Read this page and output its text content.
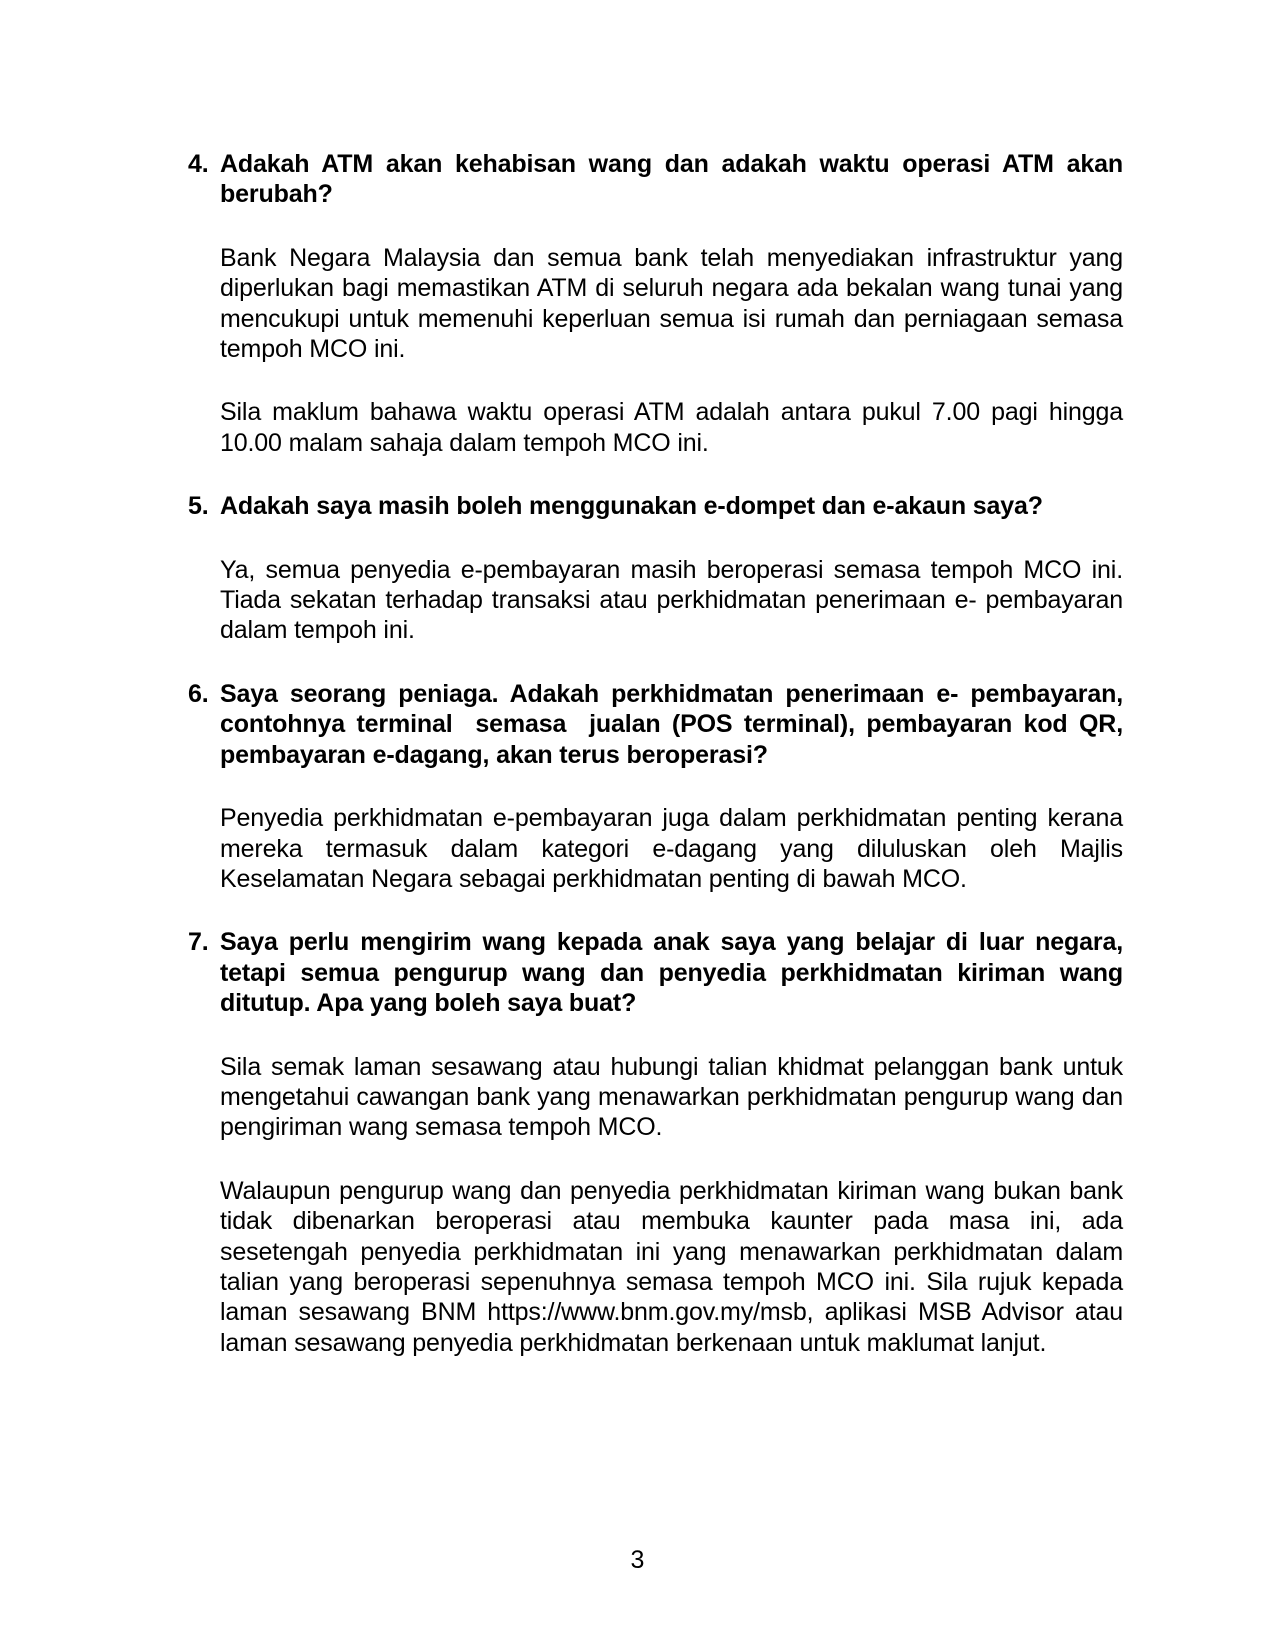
4. Adakah ATM akan kehabisan wang dan adakah waktu operasi ATM akan
berubah?
Bank Negara Malaysia dan semua bank telah menyediakan infrastruktur yang
diperlukan bagi memastikan ATM di seluruh negara ada bekalan wang tunai yang
mencukupi untuk memenuhi keperluan semua isi rumah dan perniagaan semasa
tempoh MCO ini.
Sila maklum bahawa waktu operasi ATM adalah antara pukul 7.00 pagi hingga
10.00 malam sahaja dalam tempoh MCO ini.
5. Adakah saya masih boleh menggunakan e-dompet dan e-akaun saya?
Ya, semua penyedia e-pembayaran masih beroperasi semasa tempoh MCO ini.
Tiada sekatan terhadap transaksi atau perkhidmatan penerimaan e- pembayaran
dalam tempoh ini.
6. Saya seorang peniaga. Adakah perkhidmatan penerimaan e- pembayaran,
contohnya terminal  semasa  jualan (POS terminal), pembayaran kod QR,
pembayaran e-dagang, akan terus beroperasi?
Penyedia perkhidmatan e-pembayaran juga dalam perkhidmatan penting kerana
mereka termasuk dalam kategori e-dagang yang diluluskan oleh Majlis
Keselamatan Negara sebagai perkhidmatan penting di bawah MCO.
7. Saya perlu mengirim wang kepada anak saya yang belajar di luar negara,
tetapi semua pengurup wang dan penyedia perkhidmatan kiriman wang
ditutup. Apa yang boleh saya buat?
Sila semak laman sesawang atau hubungi talian khidmat pelanggan bank untuk
mengetahui cawangan bank yang menawarkan perkhidmatan pengurup wang dan
pengiriman wang semasa tempoh MCO.
Walaupun pengurup wang dan penyedia perkhidmatan kiriman wang bukan bank
tidak dibenarkan beroperasi atau membuka kaunter pada masa ini, ada
sesetengah penyedia perkhidmatan ini yang menawarkan perkhidmatan dalam
talian yang beroperasi sepenuhnya semasa tempoh MCO ini. Sila rujuk kepada
laman sesawang BNM https://www.bnm.gov.my/msb, aplikasi MSB Advisor atau
laman sesawang penyedia perkhidmatan berkenaan untuk maklumat lanjut.
3
